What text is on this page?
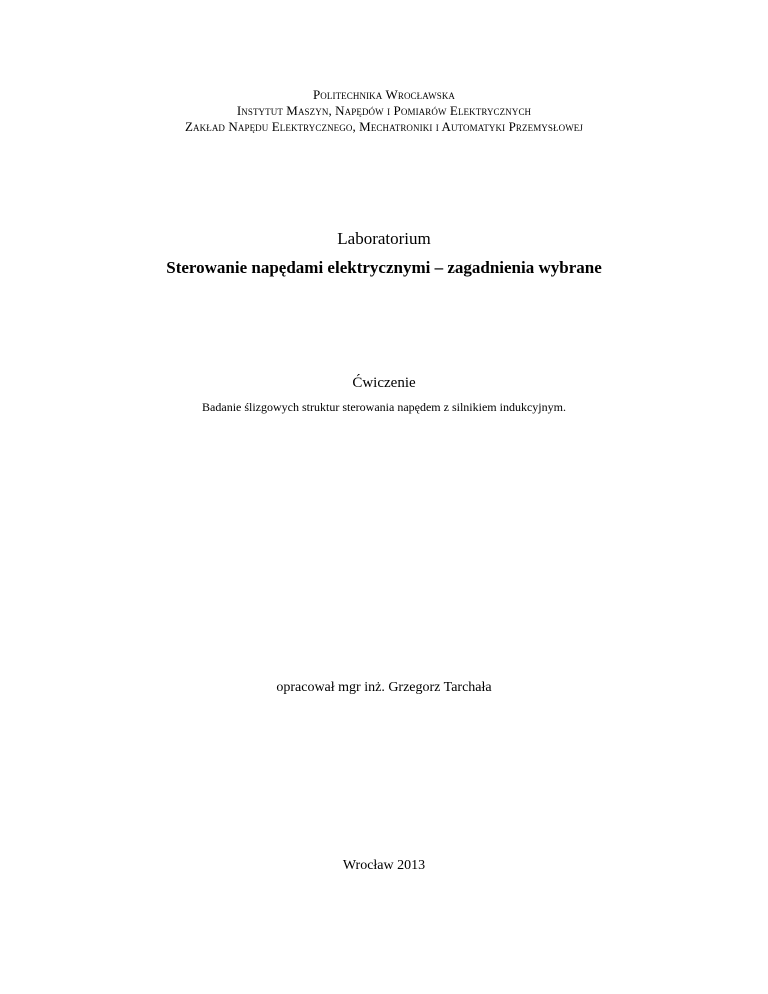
Politechnika Wrocławska
Instytut Maszyn, Napędów i Pomiarów Elektrycznych
Zakład Napędu Elektrycznego, Mechatroniki i Automatyki Przemysłowej
Laboratorium
Sterowanie napędami elektrycznymi – zagadnienia wybrane
Ćwiczenie
Badanie ślizgowych struktur sterowania napędem z silnikiem indukcyjnym.
opracował mgr inż. Grzegorz Tarchała
Wrocław 2013
